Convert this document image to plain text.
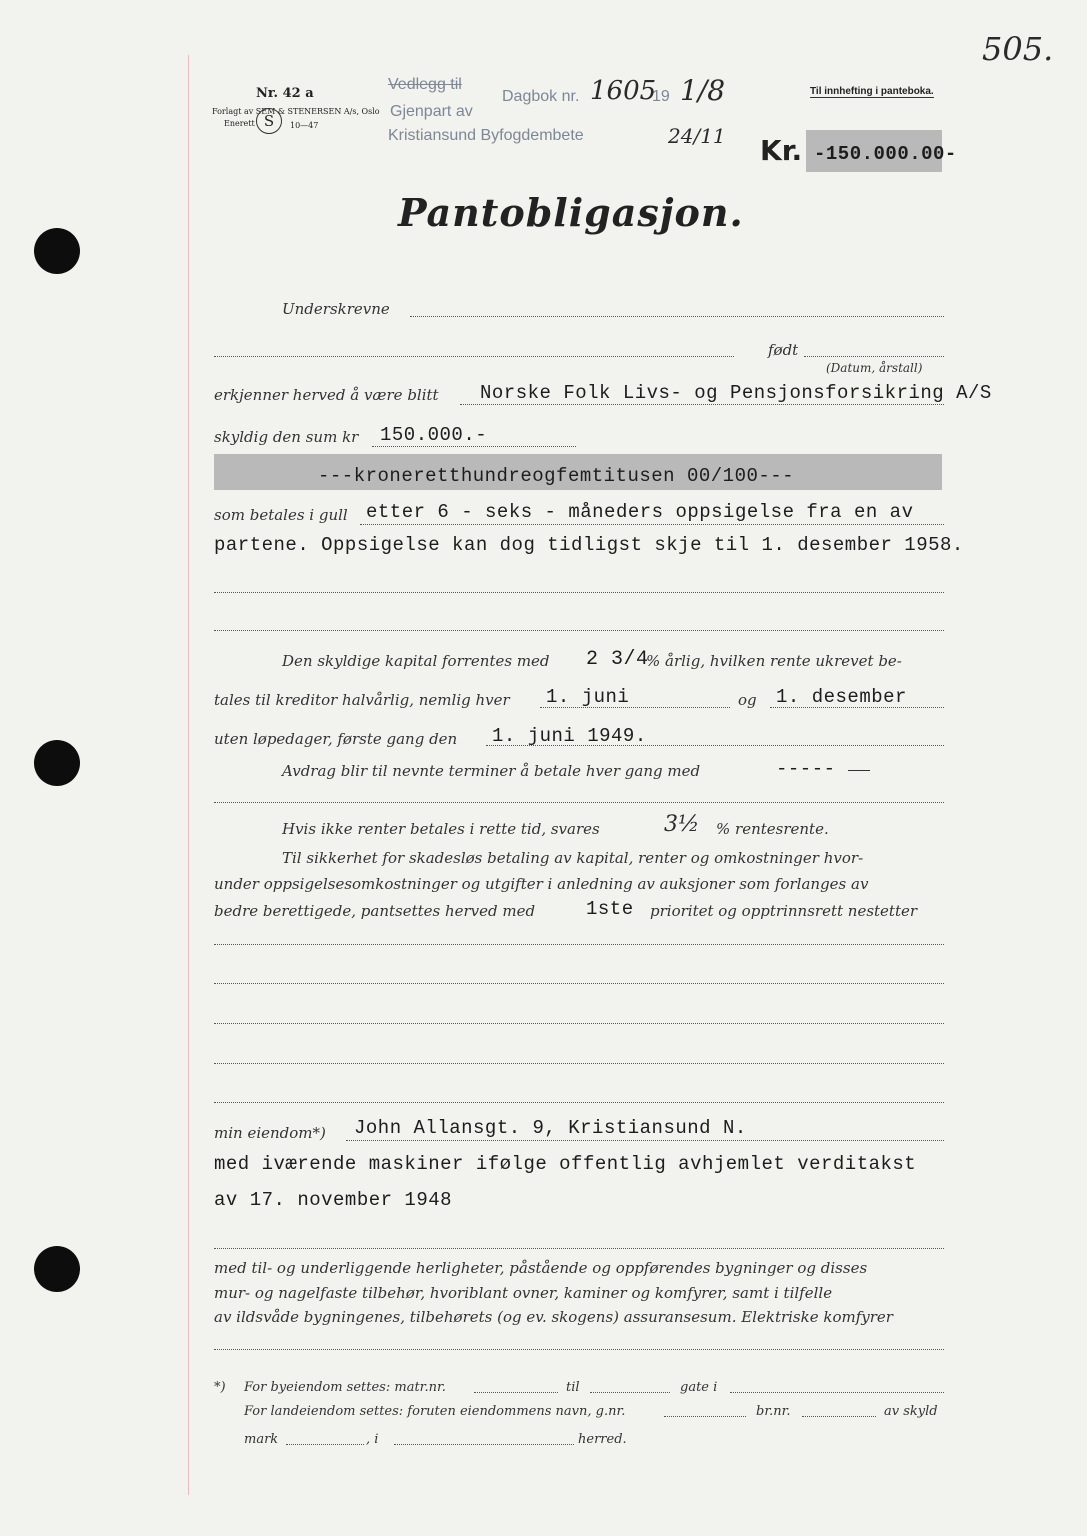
Nr. 42 a
Forlagt av SEM & STENERSEN A/s, Oslo
Enerett S	10—47
Vedlegg til
Gjenpart av
Kristiansund Byfogdembete
Dagbok nr. 1605
19 1/8
24/11
Til innhefting i panteboka.
505.
Kr. -150.000.00-
Pantobligasjon.
Underskrevne
født
(Datum, årstall)
erkjenner herved å være blitt Norske Folk Livs- og Pensjonsforsikring A/S
skyldig den sum kr 150.000.-
---kroneretthundreogfemtitusen 00/100---
som betales i gull etter 6 - seks - måneders oppsigelse fra en av
partene. Oppsigelse kan dog tidligst skje til 1. desember 1958.
Den skyldige kapital forrentes med 2 3/4
% årlig, hvilken rente ukrevet be-
tales til kreditor halvårlig, nemlig hver 1. juni	og 1. desember
uten løpedager, første gang den 1. juni 1949.
Avdrag blir til nevnte terminer å betale hver gang med	-----
Hvis ikke renter betales i rette tid, svares	3½ % rentesrente.
Til sikkerhet for skadesløs betaling av kapital, renter og omkostninger hvor-
under oppsigelsesomkostninger og utgifter i anledning av auksjoner som forlanges av
bedre berettigede, pantsettes herved med	1ste prioritet og opptrinnsrett nestetter
min eiendom*) John Allansgt. 9, Kristiansund N.
med iværende maskiner ifølge offentlig avhjemlet verditakst
av 17. november 1948
med til- og underliggende herligheter, påstående og oppførendes bygninger og disses
mur- og nagelfaste tilbehør, hvoriblant ovner, kaminer og komfyrer, samt i tilfelle
av ildsvåde bygningenes, tilbehørets (og ev. skogens) assuransesum. Elektriske komfyrer
*) For byeiendom settes: matr.nr.	til	gate i
For landeiendom settes: foruten eiendommens navn, g.nr.	br.nr.	av skyld
mark	, i	herred.
